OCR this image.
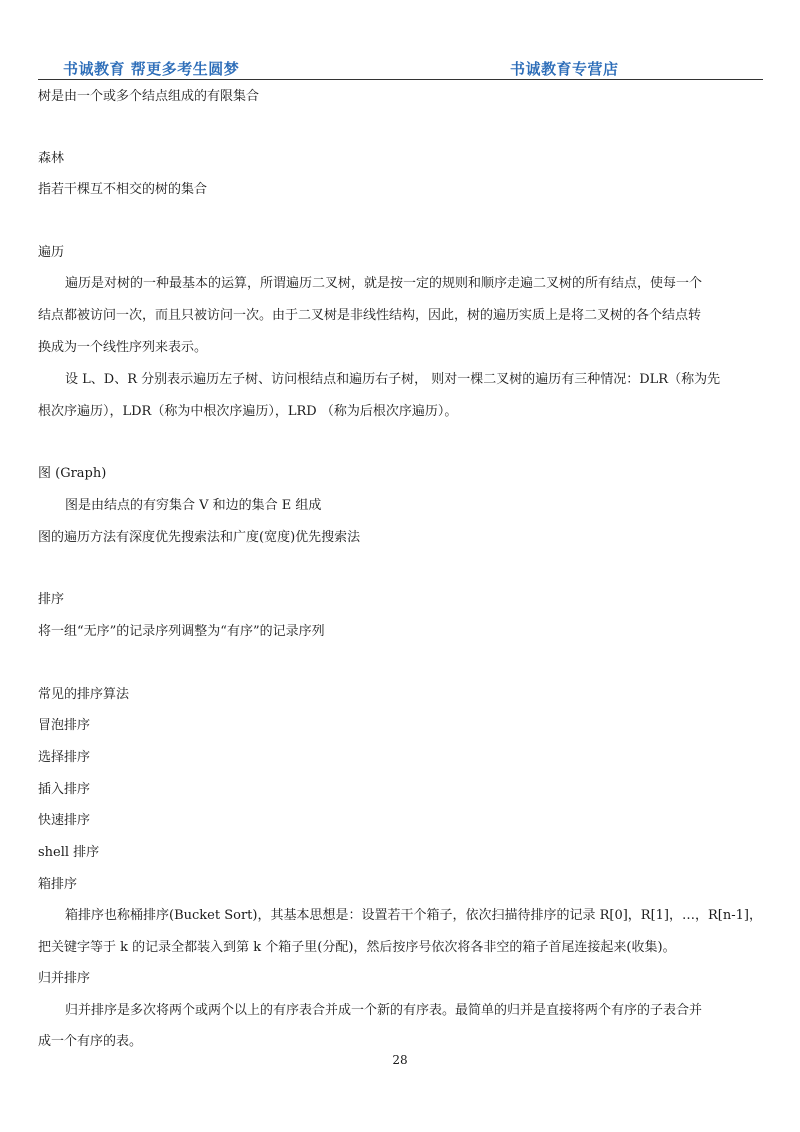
书诚教育 帮更多考生圆梦	书诚教育专营店
树是由一个或多个结点组成的有限集合
森林
指若干棵互不相交的树的集合
遍历
遍历是对树的一种最基本的运算，所谓遍历二叉树，就是按一定的规则和顺序走遍二叉树的所有结点，使每一个
结点都被访问一次，而且只被访问一次。由于二叉树是非线性结构，因此，树的遍历实质上是将二叉树的各个结点转
换成为一个线性序列来表示。
设 L、D、R 分别表示遍历左子树、访问根结点和遍历右子树， 则对一棵二叉树的遍历有三种情况：DLR（称为先
根次序遍历），LDR（称为中根次序遍历），LRD （称为后根次序遍历）。
图 (Graph)
图是由结点的有穷集合 V 和边的集合 E 组成
图的遍历方法有深度优先搜索法和广度(宽度)优先搜索法
排序
将一组“无序”的记录序列调整为“有序”的记录序列
常见的排序算法
冒泡排序
选择排序
插入排序
快速排序
shell 排序
箱排序
箱排序也称桶排序(Bucket Sort)，其基本思想是：设置若干个箱子，依次扫描待排序的记录 R[0]，R[1]，…，R[n-1]，
把关键字等于 k 的记录全都装入到第 k 个箱子里(分配)，然后按序号依次将各非空的箱子首尾连接起来(收集)。
归并排序
归并排序是多次将两个或两个以上的有序表合并成一个新的有序表。最简单的归并是直接将两个有序的子表合并
成一个有序的表。
28
